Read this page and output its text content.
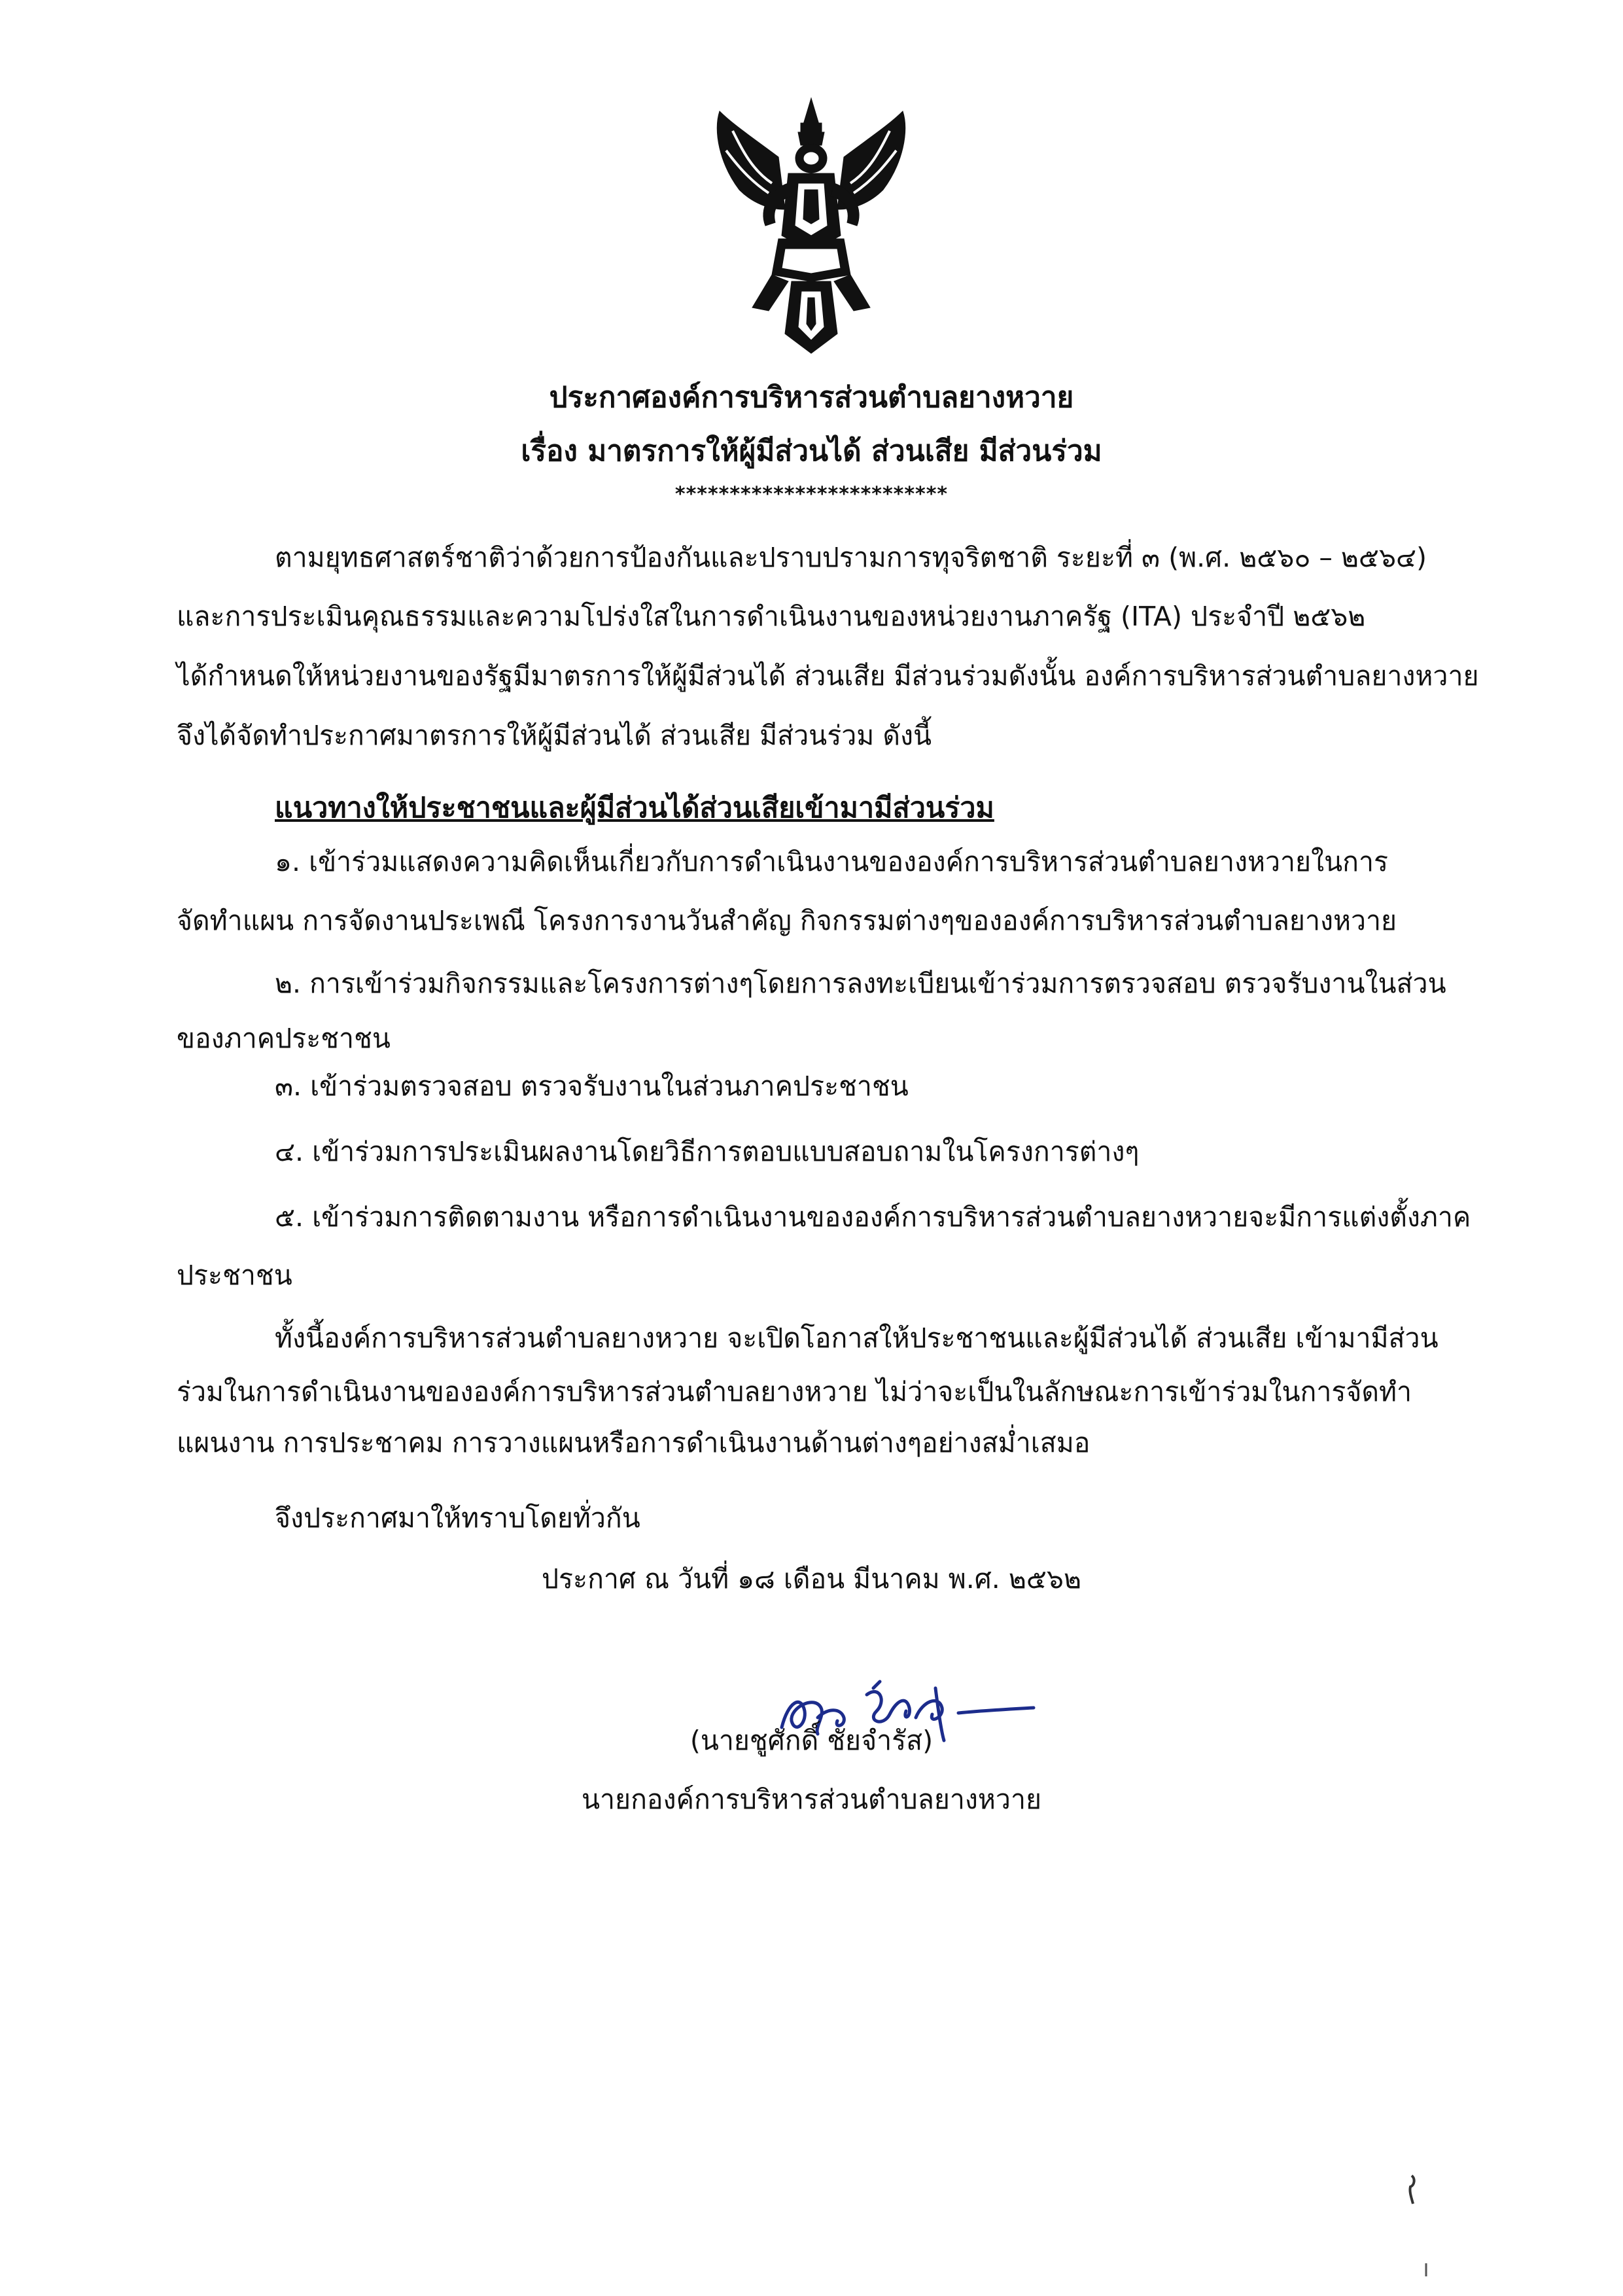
ประกาศองค์การบริหารส่วนตำบลยางหวาย
เรื่อง มาตรการให้ผู้มีส่วนได้ ส่วนเสีย มีส่วนร่วม
*************************
ตามยุทธศาสตร์ชาติว่าด้วยการป้องกันและปราบปรามการทุจริตชาติ ระยะที่ ๓ (พ.ศ. ๒๕๖๐ – ๒๕๖๔)
และการประเมินคุณธรรมและความโปร่งใสในการดำเนินงานของหน่วยงานภาครัฐ (ITA) ประจำปี ๒๕๖๒
ได้กำหนดให้หน่วยงานของรัฐมีมาตรการให้ผู้มีส่วนได้ ส่วนเสีย มีส่วนร่วมดังนั้น องค์การบริหารส่วนตำบลยางหวาย
จึงได้จัดทำประกาศมาตรการให้ผู้มีส่วนได้ ส่วนเสีย มีส่วนร่วม ดังนี้
แนวทางให้ประชาชนและผู้มีส่วนได้ส่วนเสียเข้ามามีส่วนร่วม
๑. เข้าร่วมแสดงความคิดเห็นเกี่ยวกับการดำเนินงานขององค์การบริหารส่วนตำบลยางหวายในการ
จัดทำแผน การจัดงานประเพณี โครงการงานวันสำคัญ กิจกรรมต่างๆขององค์การบริหารส่วนตำบลยางหวาย
๒. การเข้าร่วมกิจกรรมและโครงการต่างๆโดยการลงทะเบียนเข้าร่วมการตรวจสอบ ตรวจรับงานในส่วน
ของภาคประชาชน
๓. เข้าร่วมตรวจสอบ ตรวจรับงานในส่วนภาคประชาชน
๔. เข้าร่วมการประเมินผลงานโดยวิธีการตอบแบบสอบถามในโครงการต่างๆ
๕. เข้าร่วมการติดตามงาน หรือการดำเนินงานขององค์การบริหารส่วนตำบลยางหวายจะมีการแต่งตั้งภาค
ประชาชน
ทั้งนี้องค์การบริหารส่วนตำบลยางหวาย จะเปิดโอกาสให้ประชาชนและผู้มีส่วนได้ ส่วนเสีย เข้ามามีส่วน
ร่วมในการดำเนินงานขององค์การบริหารส่วนตำบลยางหวาย ไม่ว่าจะเป็นในลักษณะการเข้าร่วมในการจัดทำ
แผนงาน การประชาคม การวางแผนหรือการดำเนินงานด้านต่างๆอย่างสม่ำเสมอ
จึงประกาศมาให้ทราบโดยทั่วกัน
ประกาศ ณ วันที่ ๑๘ เดือน มีนาคม พ.ศ. ๒๕๖๒
(นายชูศักดิ์ ชัยจำรัส)
นายกองค์การบริหารส่วนตำบลยางหวาย
